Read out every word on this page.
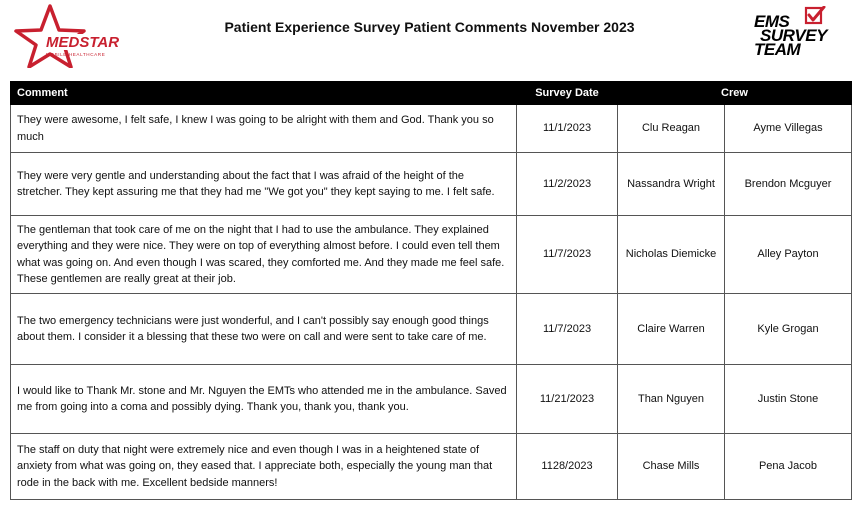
MEDSTAR
MOBILE HEALTHCARE
Patient Experience Survey Patient Comments November 2023	EMS
SURVEY
TEAM
Comment	Survey Date	Crew	
They were awesome, I felt safe, I knew I was going to be alright with them and God. Thank you so much	11/1/2023	Clu Reagan	Ayme Villegas
They were very gentle and understanding about the fact that I was afraid of the height of the stretcher. They kept assuring me that they had me "We got you" they kept saying to me. I felt safe.	11/2/2023	Nassandra Wright	Brendon Mcguyer
The gentleman that took care of me on the night that I had to use the ambulance. They explained everything and they were nice. They were on top of everything almost before. I could even tell them what was going on. And even though I was scared, they comforted me. And they made me feel safe. These gentlemen are really great at their job.	11/7/2023	Nicholas Diemicke	Alley Payton
The two emergency technicians were just wonderful, and I can't possibly say enough good things about them. I consider it a blessing that these two were on call and were sent to take care of me.	11/7/2023	Claire Warren	Kyle Grogan
I would like to Thank Mr. stone and Mr. Nguyen the EMTs who attended me in the ambulance. Saved me from going into a coma and possibly dying. Thank you, thank you, thank you.	11/21/2023	Than Nguyen	Justin Stone
The staff on duty that night were extremely nice and even though I was in a heightened state of anxiety from what was going on, they eased that. I appreciate both, especially the young man that rode in the back with me. Excellent bedside manners!	1128/2023	Chase Mills	Pena Jacob
